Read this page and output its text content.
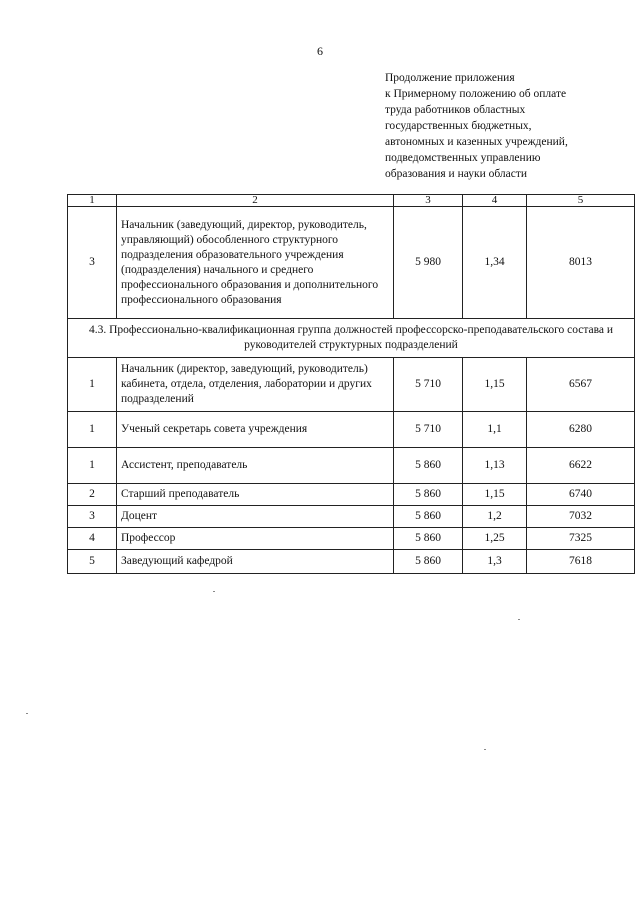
6
Продолжение приложения
к Примерному положению об оплате
труда работников областных
государственных бюджетных,
автономных и казенных учреждений,
подведомственных управлению
образования и науки области
1	2	3	4	5
3	Начальник (заведующий, директор, руководитель, управляющий) обособленного структурного подразделения образовательного учреждения (подразделения) начального и среднего профессионального образования и дополнительного профессионального образования	5 980	1,34	8013
4.3. Профессионально-квалификационная группа должностей профессорско-преподавательского состава и руководителей структурных подразделений				
1	Начальник (директор, заведующий, руководитель) кабинета, отдела, отделения, лаборатории и других подразделений	5 710	1,15	6567
1	Ученый секретарь совета учреждения	5 710	1,1	6280
1	Ассистент, преподаватель	5 860	1,13	6622
2	Старший преподаватель	5 860	1,15	6740
3	Доцент	5 860	1,2	7032
4	Профессор	5 860	1,25	7325
5	Заведующий кафедрой	5 860	1,3	7618
